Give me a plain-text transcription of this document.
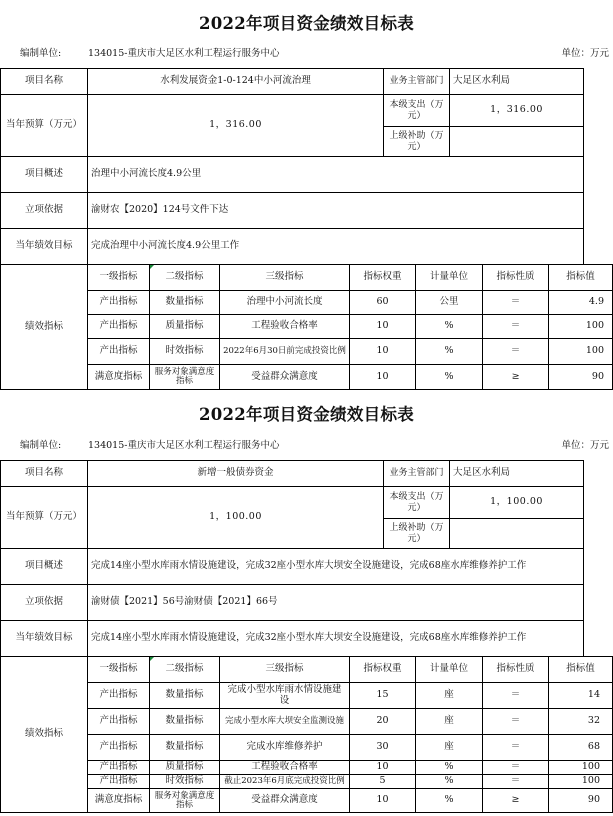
2022年项目资金绩效目标表
编制单位:	134015-重庆市大足区水利工程运行服务中心	单位：万元
项目名称	水利发展资金1-0-124中小河流治理				业务主管部门		大足区水利局		
当年预算（万元）	1，316.00				本级支出（万元）		1，316.00		
					上级补助（万元）				
项目概述	治理中小河流长度4.9公里								
立项依据	渝财农【2020】124号文件下达								
当年绩效目标	完成治理中小河流长度4.9公里工作								
绩效指标	一级指标	二级指标	三级指标	指标权重		计量单位		指标性质	指标值
	产出指标	数量指标	治理中小河流长度	60		公里		＝	4.9
	产出指标	质量指标	工程验收合格率	10		%		＝	100
	产出指标	时效指标	2022年6月30日前完成投资比例	10		%		＝	100
	满意度指标	服务对象满意度指标	受益群众满意度	10		%		≥	90
2022年项目资金绩效目标表
编制单位:	134015-重庆市大足区水利工程运行服务中心	单位：万元
项目名称	新增一般债券资金				业务主管部门		大足区水利局		
当年预算（万元）	1，100.00				本级支出（万元）		1，100.00		
					上级补助（万元）				
项目概述	完成14座小型水库雨水情设施建设，完成32座小型水库大坝安全设施建设，完成68座水库维修养护工作								
立项依据	渝财债【2021】56号渝财债【2021】66号								
当年绩效目标	完成14座小型水库雨水情设施建设，完成32座小型水库大坝安全设施建设，完成68座水库维修养护工作								
绩效指标	一级指标	二级指标	三级指标	指标权重		计量单位		指标性质	指标值
	产出指标	数量指标	完成小型水库雨水情设施建设	15		座		＝	14
	产出指标	数量指标	完成小型水库大坝安全监测设施	20		座		＝	32
	产出指标	数量指标	完成水库维修养护	30		座		＝	68
	产出指标	质量指标	工程验收合格率	10		%		＝	100
	产出指标	时效指标	截止2023年6月底完成投资比例	5		%		＝	100
	满意度指标	服务对象满意度指标	受益群众满意度	10		%		≥	90
